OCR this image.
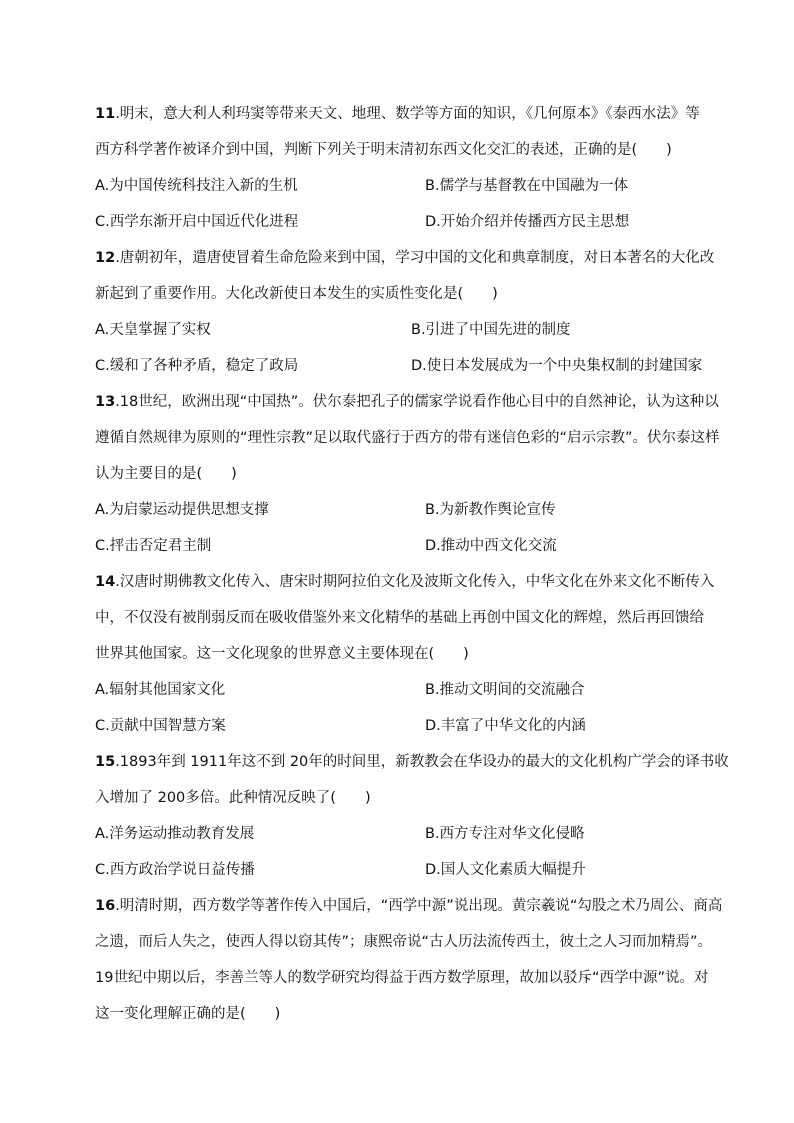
11.明末，意大利人利玛窦等带来天文、地理、数学等方面的知识，《几何原本》《泰西水法》等
西方科学著作被译介到中国，判断下列关于明末清初东西文化交汇的表述，正确的是(　　)
A.为中国传统科技注入新的生机	B.儒学与基督教在中国融为一体
C.西学东渐开启中国近代化进程	D.开始介绍并传播西方民主思想
12.唐朝初年，遣唐使冒着生命危险来到中国，学习中国的文化和典章制度，对日本著名的大化改
新起到了重要作用。大化改新使日本发生的实质性变化是(　　)
A.天皇掌握了实权	B.引进了中国先进的制度
C.缓和了各种矛盾，稳定了政局	D.使日本发展成为一个中央集权制的封建国家
13.18世纪，欧洲出现“中国热”。伏尔泰把孔子的儒家学说看作他心目中的自然神论，认为这种以
遵循自然规律为原则的“理性宗教”足以取代盛行于西方的带有迷信色彩的“启示宗教”。伏尔泰这样
认为主要目的是(　　)
A.为启蒙运动提供思想支撑	B.为新教作舆论宣传
C.抨击否定君主制	D.推动中西文化交流
14.汉唐时期佛教文化传入、唐宋时期阿拉伯文化及波斯文化传入，中华文化在外来文化不断传入
中，不仅没有被削弱反而在吸收借鉴外来文化精华的基础上再创中国文化的辉煌，然后再回馈给
世界其他国家。这一文化现象的世界意义主要体现在(　　)
A.辐射其他国家文化	B.推动文明间的交流融合
C.贡献中国智慧方案	D.丰富了中华文化的内涵
15.1893年到 1911年这不到 20年的时间里，新教教会在华设办的最大的文化机构广学会的译书收
入增加了 200多倍。此种情况反映了(　　)
A.洋务运动推动教育发展	B.西方专注对华文化侵略
C.西方政治学说日益传播	D.国人文化素质大幅提升
16.明清时期，西方数学等著作传入中国后，“西学中源”说出现。黄宗羲说“勾股之术乃周公、商高
之遗，而后人失之，使西人得以窃其传”；康熙帝说“古人历法流传西土，彼土之人习而加精焉”。
19世纪中期以后，李善兰等人的数学研究均得益于西方数学原理，故加以驳斥“西学中源”说。对
这一变化理解正确的是(　　)
